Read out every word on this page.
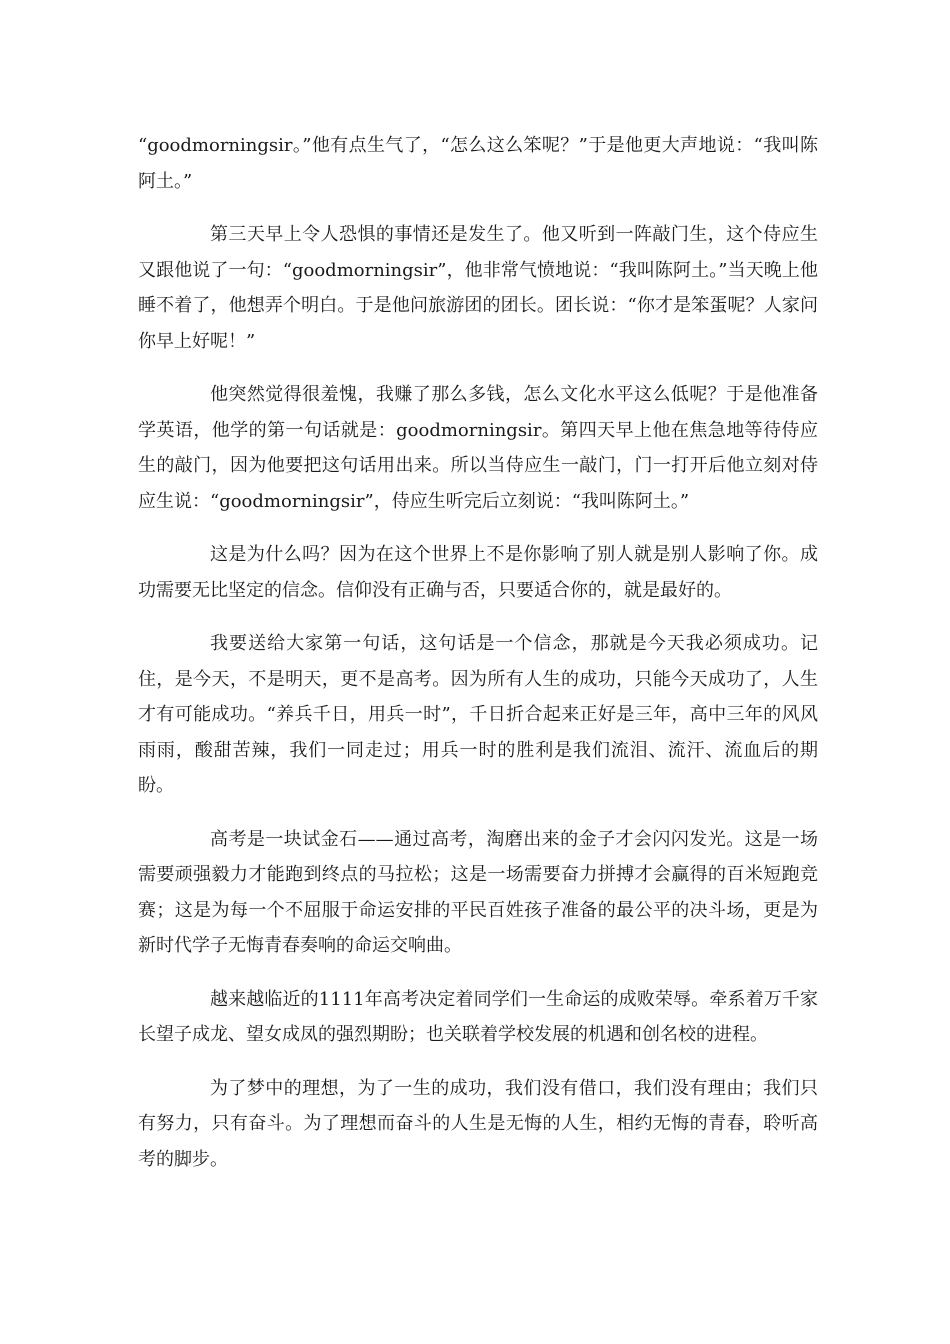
“goodmorningsir。”他有点生气了，“怎么这么笨呢？”于是他更大声地说：“我叫陈阿土。”

第三天早上令人恐惧的事情还是发生了。他又听到一阵敲门生，这个侍应生又跟他说了一句：“goodmorningsir”，他非常气愤地说：“我叫陈阿土。”当天晚上他睡不着了，他想弄个明白。于是他问旅游团的团长。团长说：“你才是笨蛋呢？人家问你早上好呢！”

他突然觉得很羞愧，我赚了那么多钱，怎么文化水平这么低呢？于是他准备学英语，他学的第一句话就是：goodmorningsir。第四天早上他在焦急地等待侍应生的敲门，因为他要把这句话用出来。所以当侍应生一敲门，门一打开后他立刻对侍应生说：“goodmorningsir”，侍应生听完后立刻说：“我叫陈阿土。”

这是为什么吗？因为在这个世界上不是你影响了别人就是别人影响了你。成功需要无比坚定的信念。信仰没有正确与否，只要适合你的，就是最好的。

我要送给大家第一句话，这句话是一个信念，那就是今天我必须成功。记住，是今天，不是明天，更不是高考。因为所有人生的成功，只能今天成功了，人生才有可能成功。“养兵千日，用兵一时”，千日折合起来正好是三年，高中三年的风风雨雨，酸甜苦辣，我们一同走过；用兵一时的胜利是我们流泪、流汗、流血后的期盼。

高考是一块试金石——通过高考，淘磨出来的金子才会闪闪发光。这是一场需要顽强毅力才能跑到终点的马拉松；这是一场需要奋力拼搏才会赢得的百米短跑竞赛；这是为每一个不屈服于命运安排的平民百姓孩子准备的最公平的决斗场，更是为新时代学子无悔青春奏响的命运交响曲。

越来越临近的1111年高考决定着同学们一生命运的成败荣辱。牵系着万千家长望子成龙、望女成凤的强烈期盼；也关联着学校发展的机遇和创名校的进程。

为了梦中的理想，为了一生的成功，我们没有借口，我们没有理由；我们只有努力，只有奋斗。为了理想而奋斗的人生是无悔的人生，相约无悔的青春，聆听高考的脚步。
